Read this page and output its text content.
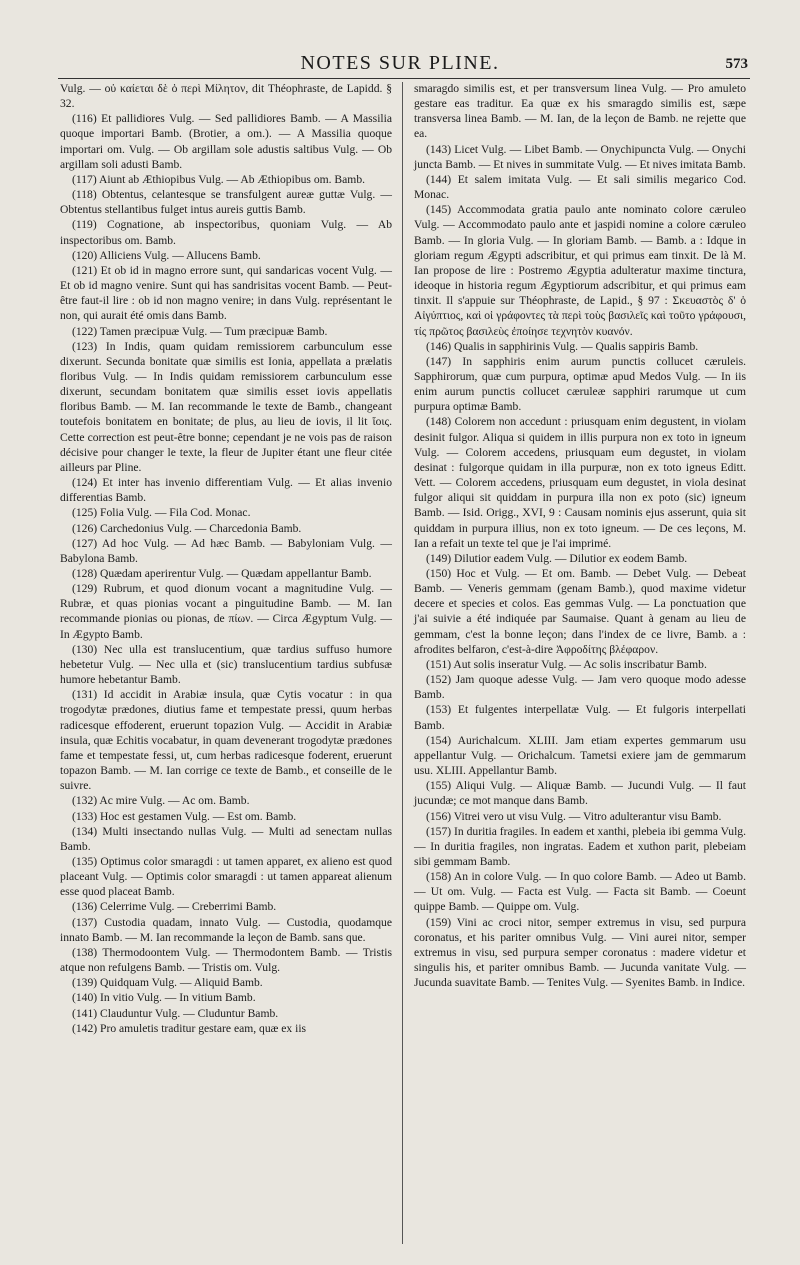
NOTES SUR PLINE.	573

Vulg. — οὐ καίεται δὲ ὁ περὶ Μίλητον, dit Théophraste, de Lapidd. § 32.

(116) Et pallidiores Vulg. — Sed pallidiores Bamb. — A Massilia quoque importari Bamb. (Brotier, a om.). — A Massilia quoque importari om. Vulg. — Ob argillam sole adustis saltibus Vulg. — Ob argillam soli adusti Bamb.

(117) Aiunt ab Æthiopibus Vulg. — Ab Æthiopibus om. Bamb.

(118) Obtentus, celantesque se transfulgent aureæ guttæ Vulg. — Obtentus stellantibus fulget intus aureis guttis Bamb.

(119) Cognatione, ab inspectoribus, quoniam Vulg. — Ab inspectoribus om. Bamb.

(120) Alliciens Vulg. — Allucens Bamb.

(121) Et ob id in magno errore sunt, qui sandaricas vocent Vulg. — Et ob id magno venire. Sunt qui has sandrisitas vocent Bamb. — Peut-être faut-il lire : ob id non magno venire; in dans Vulg. représentant le non, qui aurait été omis dans Bamb.

(122) Tamen præcipuæ Vulg. — Tum præcipuæ Bamb.

(123) In Indis, quam quidam remissiorem carbunculum esse dixerunt. Secunda bonitate quæ similis est Ionia, appellata a prælatis floribus Vulg. — In Indis quidam remissiorem carbunculum esse dixerunt, secundam bonitatem quæ similis esset iovis appellatis floribus Bamb. — M. Ian recommande le texte de Bamb., changeant toutefois bonitatem en bonitate; de plus, au lieu de iovis, il lit ἴοις. Cette correction est peut-être bonne; cependant je ne vois pas de raison décisive pour changer le texte, la fleur de Jupiter étant une fleur citée ailleurs par Pline.

(124) Et inter has invenio differentiam Vulg. — Et alias invenio differentias Bamb.

(125) Folia Vulg. — Fila Cod. Monac.

(126) Carchedonius Vulg. — Charcedonia Bamb.

(127) Ad hoc Vulg. — Ad hæc Bamb. — Babyloniam Vulg. — Babylona Bamb.

(128) Quædam aperirentur Vulg. — Quædam appellantur Bamb.

(129) Rubrum, et quod dionum vocant a magnitudine Vulg. — Rubræ, et quas pionias vocant a pinguitudine Bamb. — M. Ian recommande pionias ou pionas, de πίων. — Circa Ægyptum Vulg. — In Ægypto Bamb.

(130) Nec ulla est translucentium, quæ tardius suffuso humore hebetetur Vulg. — Nec ulla et (sic) translucentium tardius subfusæ humore hebetantur Bamb.

(131) Id accidit in Arabiæ insula, quæ Cytis vocatur : in qua trogodytæ prædones, diutius fame et tempestate pressi, quum herbas radicesque effoderent, eruerunt topazion Vulg. — Accidit in Arabiæ insula, quæ Echitis vocabatur, in quam devenerant trogodytæ prædones fame et tempestate fessi, ut, cum herbas radicesque foderent, eruerunt topazon Bamb. — M. Ian corrige ce texte de Bamb., et conseille de le suivre.

(132) Ac mire Vulg. — Ac om. Bamb.

(133) Hoc est gestamen Vulg. — Est om. Bamb.

(134) Multi insectando nullas Vulg. — Multi ad senectam nullas Bamb.

(135) Optimus color smaragdi : ut tamen apparet, ex alieno est quod placeant Vulg. — Optimis color smaragdi : ut tamen appareat alienum esse quod placeat Bamb.

(136) Celerrime Vulg. — Creberrimi Bamb.

(137) Custodia quadam, innato Vulg. — Custodia, quodamque innato Bamb. — M. Ian recommande la leçon de Bamb. sans que.

(138) Thermodoontem Vulg. — Thermodontem Bamb. — Tristis atque non refulgens Bamb. — Tristis om. Vulg.

(139) Quidquam Vulg. — Aliquid Bamb.

(140) In vitio Vulg. — In vitium Bamb.

(141) Clauduntur Vulg. — Cluduntur Bamb.

(142) Pro amuletis traditur gestare eam, quæ ex iis

smaragdo similis est, et per transversum linea Vulg. — Pro amuleto gestare eas traditur. Ea quæ ex his smaragdo similis est, sæpe transversa linea Bamb. — M. Ian, de la leçon de Bamb. ne rejette que ea.

(143) Licet Vulg. — Libet Bamb. — Onychipuncta Vulg. — Onychi juncta Bamb. — Et nives in summitate Vulg. — Et nives imitata Bamb.

(144) Et salem imitata Vulg. — Et sali similis megarico Cod. Monac.

(145) Accommodata gratia paulo ante nominato colore cæruleo Vulg. — Accommodato paulo ante et jaspidi nomine a colore cæruleo Bamb. — In gloria Vulg. — In gloriam Bamb. — Bamb. a : Idque in gloriam regum Ægypti adscribitur, et qui primus eam tinxit. De là M. Ian propose de lire : Postremo Ægyptia adulteratur maxime tinctura, ideoque in historia regum Ægyptiorum adscribitur, et qui primus eam tinxit. Il s'appuie sur Théophraste, de Lapid., § 97 : Σκευαστὸς δ' ὁ Αἰγύπτιος, καὶ οἱ γράφοντες τὰ περὶ τοὺς βασιλεῖς καὶ τοῦτο γράφουσι, τίς πρῶτος βασιλεὺς ἐποίησε τεχνητὸν κυανόν.

(146) Qualis in sapphirinis Vulg. — Qualis sappiris Bamb.

(147) In sapphiris enim aurum punctis collucet cæruleis. Sapphirorum, quæ cum purpura, optimæ apud Medos Vulg. — In iis enim aurum punctis collucet cæruleæ sapphiri rarumque ut cum purpura optimæ Bamb.

(148) Colorem non accedunt : priusquam enim degustent, in violam desinit fulgor. Aliqua si quidem in illis purpura non ex toto in igneum Vulg. — Colorem accedens, priusquam eum degustet, in violam desinat : fulgorque quidam in illa purpuræ, non ex toto igneus Editt. Vett. — Colorem accedens, priusquam eum degustet, in viola desinat fulgor aliqui sit quiddam in purpura illa non ex poto (sic) igneum Bamb. — Isid. Origg., XVI, 9 : Causam nominis ejus asserunt, quia sit quiddam in purpura illius, non ex toto igneum. — De ces leçons, M. Ian a refait un texte tel que je l'ai imprimé.

(149) Dilutior eadem Vulg. — Dilutior ex eodem Bamb.

(150) Hoc et Vulg. — Et om. Bamb. — Debet Vulg. — Debeat Bamb. — Veneris gemmam (genam Bamb.), quod maxime videtur decere et species et colos. Eas gemmas Vulg. — La ponctuation que j'ai suivie a été indiquée par Saumaise. Quant à genam au lieu de gemmam, c'est la bonne leçon; dans l'index de ce livre, Bamb. a : afrodites belfaron, c'est-à-dire Ἀφροδίτης βλέφαρον.

(151) Aut solis inseratur Vulg. — Ac solis inscribatur Bamb.

(152) Jam quoque adesse Vulg. — Jam vero quoque modo adesse Bamb.

(153) Et fulgentes interpellatæ Vulg. — Et fulgoris interpellati Bamb.

(154) Aurichalcum. XLIII. Jam etiam expertes gemmarum usu appellantur Vulg. — Orichalcum. Tametsi exiere jam de gemmarum usu. XLIII. Appellantur Bamb.

(155) Aliqui Vulg. — Aliquæ Bamb. — Jucundi Vulg. — Il faut jucundæ; ce mot manque dans Bamb.

(156) Vitrei vero ut visu Vulg. — Vitro adulterantur visu Bamb.

(157) In duritia fragiles. In eadem et xanthi, plebeia ibi gemma Vulg. — In duritia fragiles, non ingratas. Eadem et xuthon parit, plebeiam sibi gemmam Bamb.

(158) An in colore Vulg. — In quo colore Bamb. — Adeo ut Bamb. — Ut om. Vulg. — Facta est Vulg. — Facta sit Bamb. — Coeunt quippe Bamb. — Quippe om. Vulg.

(159) Vini ac croci nitor, semper extremus in visu, sed purpura coronatus, et his pariter omnibus Vulg. — Vini aurei nitor, semper extremus in visu, sed purpura semper coronatus : madere videtur et singulis his, et pariter omnibus Bamb. — Jucunda vanitate Vulg. — Jucunda suavitate Bamb. — Tenites Vulg. — Syenites Bamb. in Indice.
